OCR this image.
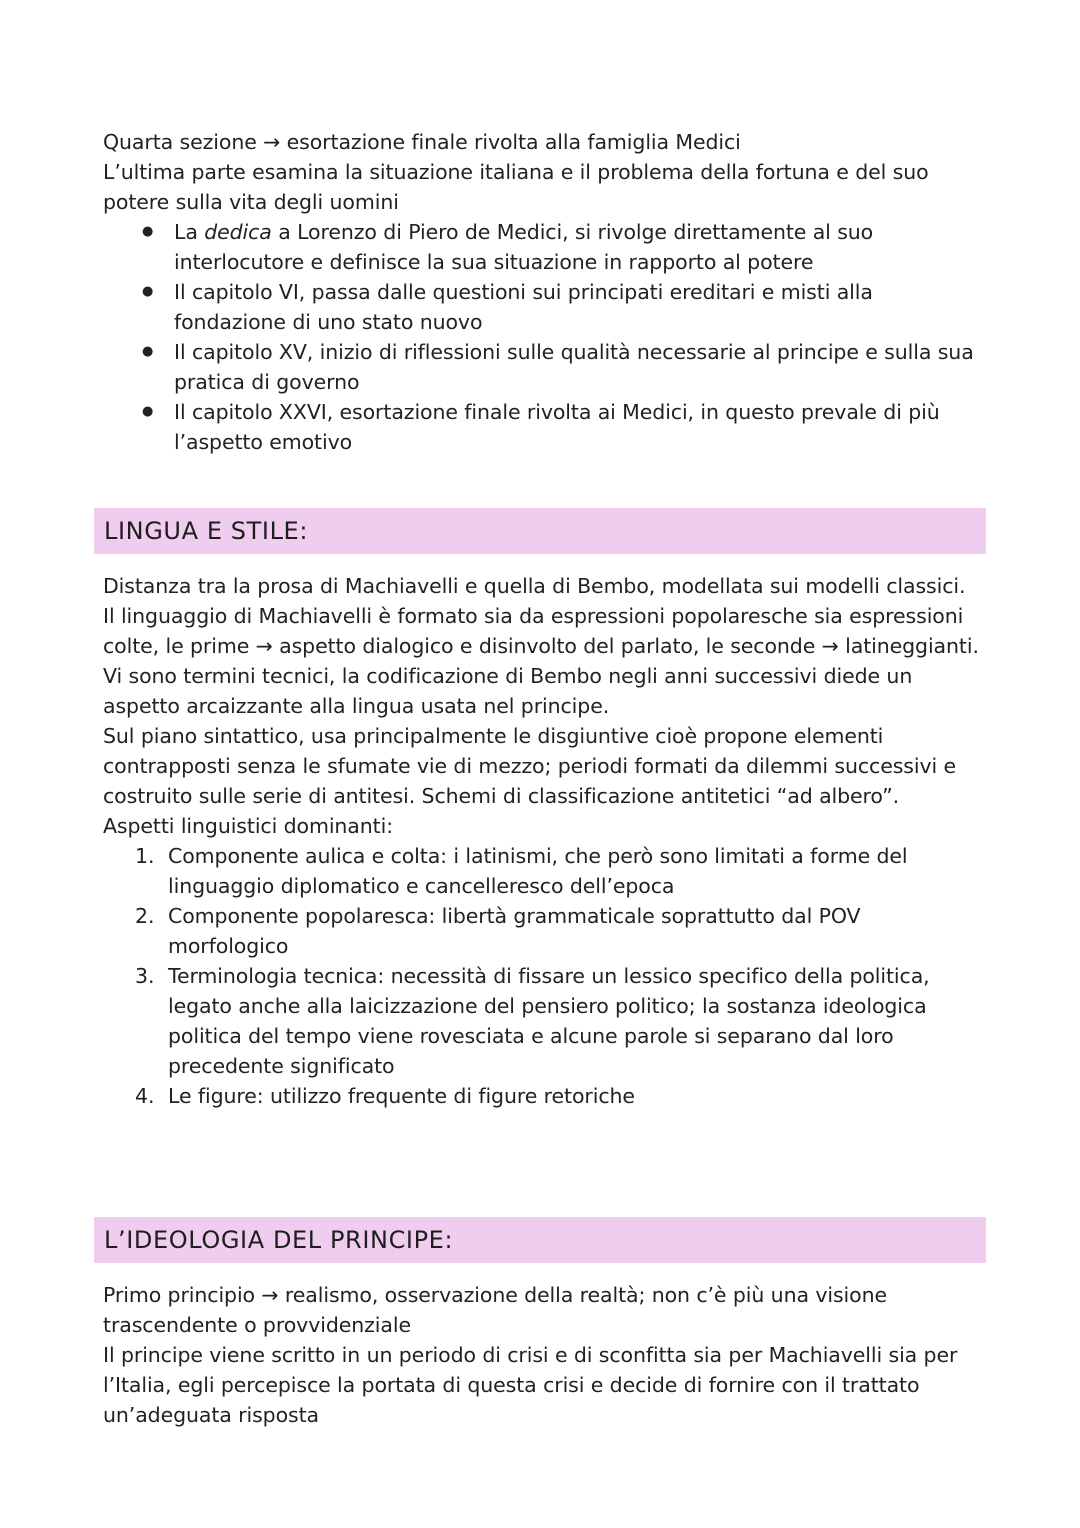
Quarta sezione → esortazione finale rivolta alla famiglia Medici

L’ultima parte esamina la situazione italiana e il problema della fortuna e del suo potere sulla vita degli uomini

● La dedica a Lorenzo di Piero de Medici, si rivolge direttamente al suo interlocutore e definisce la sua situazione in rapporto al potere
● Il capitolo VI, passa dalle questioni sui principati ereditari e misti alla fondazione di uno stato nuovo
● Il capitolo XV, inizio di riflessioni sulle qualità necessarie al principe e sulla sua pratica di governo
● Il capitolo XXVI, esortazione finale rivolta ai Medici, in questo prevale di più l’aspetto emotivo
LINGUA E STILE:

Distanza tra la prosa di Machiavelli e quella di Bembo, modellata sui modelli classici.

Il linguaggio di Machiavelli è formato sia da espressioni popolaresche sia espressioni colte, le prime → aspetto dialogico e disinvolto del parlato, le seconde → latineggianti.

Vi sono termini tecnici, la codificazione di Bembo negli anni successivi diede un aspetto arcaizzante alla lingua usata nel principe.

Sul piano sintattico, usa principalmente le disgiuntive cioè propone elementi contrapposti senza le sfumate vie di mezzo; periodi formati da dilemmi successivi e costruito sulle serie di antitesi. Schemi di classificazione antitetici “ad albero”.

Aspetti linguistici dominanti:

1. Componente aulica e colta: i latinismi, che però sono limitati a forme del linguaggio diplomatico e cancelleresco dell’epoca
2. Componente popolaresca: libertà grammaticale soprattutto dal POV morfologico
3. Terminologia tecnica: necessità di fissare un lessico specifico della politica, legato anche alla laicizzazione del pensiero politico; la sostanza ideologica politica del tempo viene rovesciata e alcune parole si separano dal loro precedente significato
4. Le figure: utilizzo frequente di figure retoriche
L’IDEOLOGIA DEL PRINCIPE:

Primo principio → realismo, osservazione della realtà; non c’è più una visione trascendente o provvidenziale

Il principe viene scritto in un periodo di crisi e di sconfitta sia per Machiavelli sia per l’Italia, egli percepisce la portata di questa crisi e decide di fornire con il trattato un’adeguata risposta
